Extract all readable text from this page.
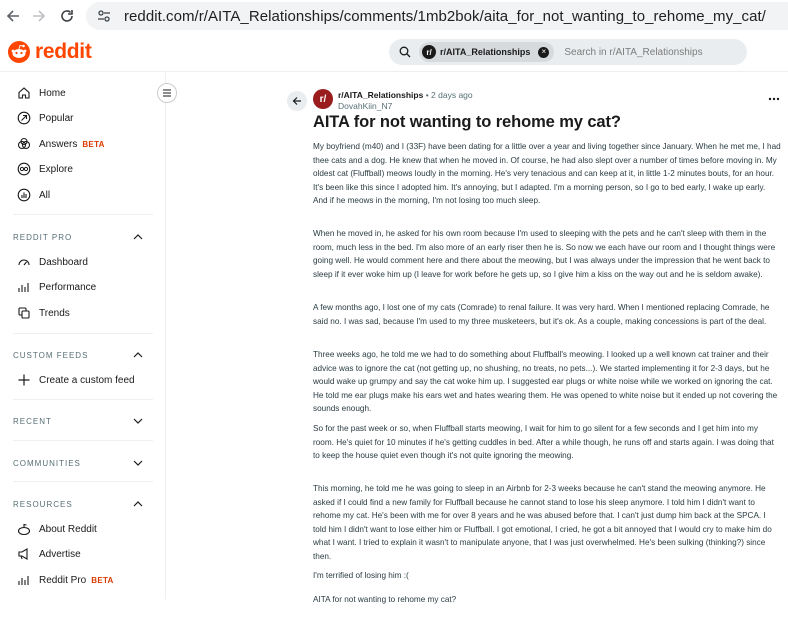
reddit.com/r/AITA_Relationships/comments/1mb2bok/aita_for_not_wanting_to_rehome_my_cat/
reddit	r/ r/AITA_Relationships	×	Search in r/AITA_Relationships
Home
Popular
Answers BETA
Explore
All
REDDIT PRO
Dashboard
Performance
Trends
CUSTOM FEEDS
Create a custom feed
RECENT
COMMUNITIES
RESOURCES
About Reddit
Advertise
Reddit Pro BETA
r/	r/AITA_Relationships • 2 days ago
DovahKiin_N7
AITA for not wanting to rehome my cat?

My boyfriend (m40) and I (33F) have been dating for a little over a year and living together since January. When he met me, I had thee cats and a dog. He knew that when he moved in. Of course, he had also slept over a number of times before moving in. My oldest cat (Fluffball) meows loudly in the morning. He's very tenacious and can keep at it, in little 1-2 minutes bouts, for an hour. It's been like this since I adopted him. It's annoying, but I adapted. I'm a morning person, so I go to bed early, I wake up early. And if he meows in the morning, I'm not losing too much sleep.

When he moved in, he asked for his own room because I'm used to sleeping with the pets and he can't sleep with them in the room, much less in the bed. I'm also more of an early riser then he is. So now we each have our room and I thought things were going well. He would comment here and there about the meowing, but I was always under the impression that he went back to sleep if it ever woke him up (I leave for work before he gets up, so I give him a kiss on the way out and he is seldom awake).

A few months ago, I lost one of my cats (Comrade) to renal failure. It was very hard. When I mentioned replacing Comrade, he said no. I was sad, because I'm used to my three musketeers, but it's ok. As a couple, making concessions is part of the deal.

Three weeks ago, he told me we had to do something about Fluffball's meowing. I looked up a well known cat trainer and their advice was to ignore the cat (not getting up, no shushing, no treats, no pets...). We started implementing it for 2-3 days, but he would wake up grumpy and say the cat woke him up. I suggested ear plugs or white noise while we worked on ignoring the cat. He told me ear plugs make his ears wet and hates wearing them. He was opened to white noise but it ended up not covering the sounds enough.

So for the past week or so, when Fluffball starts meowing, I wait for him to go silent for a few seconds and I get him into my room. He's quiet for 10 minutes if he's getting cuddles in bed. After a while though, he runs off and starts again. I was doing that to keep the house quiet even though it's not quite ignoring the meowing.

This morning, he told me he was going to sleep in an Airbnb for 2-3 weeks because he can't stand the meowing anymore. He asked if I could find a new family for Fluffball because he cannot stand to lose his sleep anymore. I told him I didn't want to rehome my cat. He's been with me for over 8 years and he was abused before that. I can't just dump him back at the SPCA. I told him I didn't want to lose either him or Fluffball. I got emotional, I cried, he got a bit annoyed that I would cry to make him do what I want. I tried to explain it wasn't to manipulate anyone, that I was just overwhelmed. He's been sulking (thinking?) since then.

I'm terrified of losing him :(

AITA for not wanting to rehome my cat?
